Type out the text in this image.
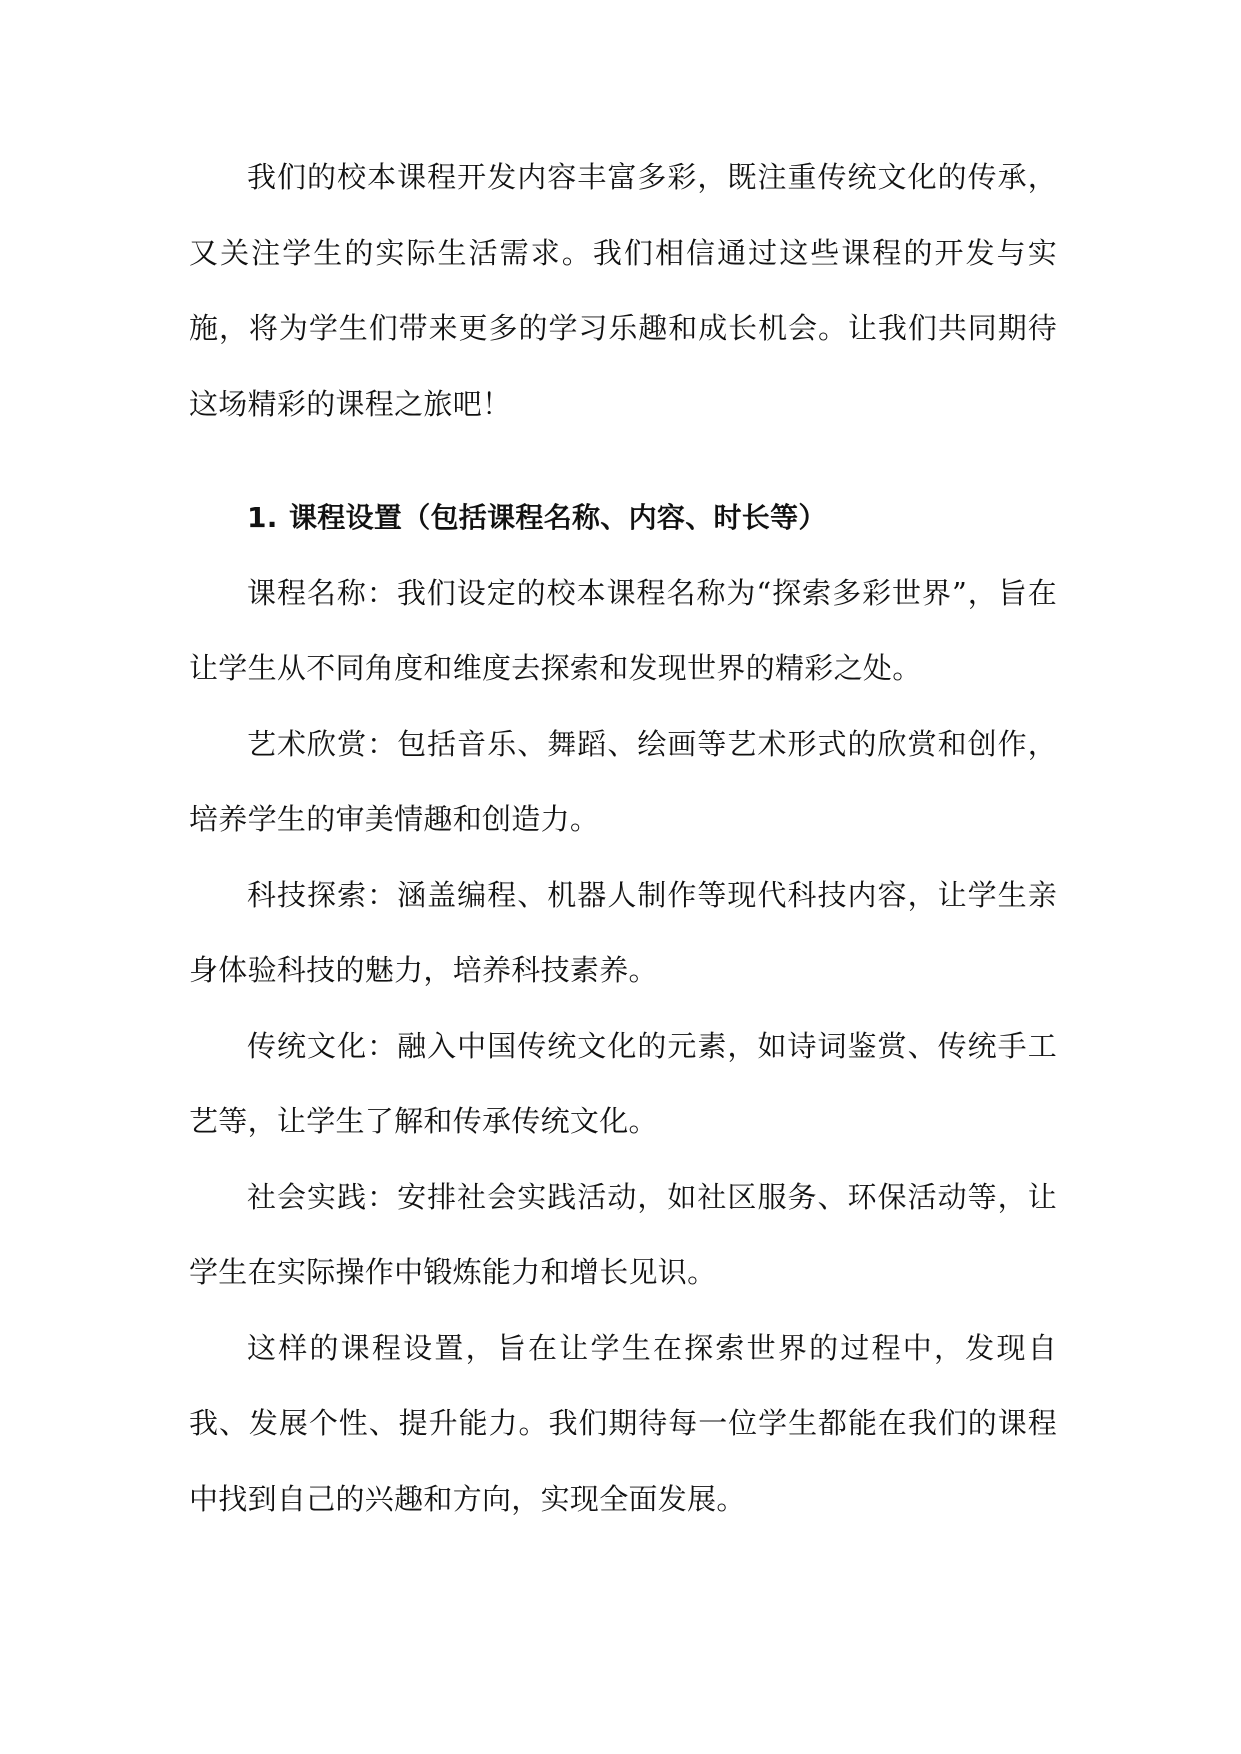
我们的校本课程开发内容丰富多彩，既注重传统文化的传承，又关注学生的实际生活需求。我们相信通过这些课程的开发与实施，将为学生们带来更多的学习乐趣和成长机会。让我们共同期待这场精彩的课程之旅吧！

1. 课程设置（包括课程名称、内容、时长等）

课程名称：我们设定的校本课程名称为“探索多彩世界”，旨在让学生从不同角度和维度去探索和发现世界的精彩之处。

艺术欣赏：包括音乐、舞蹈、绘画等艺术形式的欣赏和创作，培养学生的审美情趣和创造力。

科技探索：涵盖编程、机器人制作等现代科技内容，让学生亲身体验科技的魅力，培养科技素养。

传统文化：融入中国传统文化的元素，如诗词鉴赏、传统手工艺等，让学生了解和传承传统文化。

社会实践：安排社会实践活动，如社区服务、环保活动等，让学生在实际操作中锻炼能力和增长见识。

这样的课程设置，旨在让学生在探索世界的过程中，发现自我、发展个性、提升能力。我们期待每一位学生都能在我们的课程中找到自己的兴趣和方向，实现全面发展。
